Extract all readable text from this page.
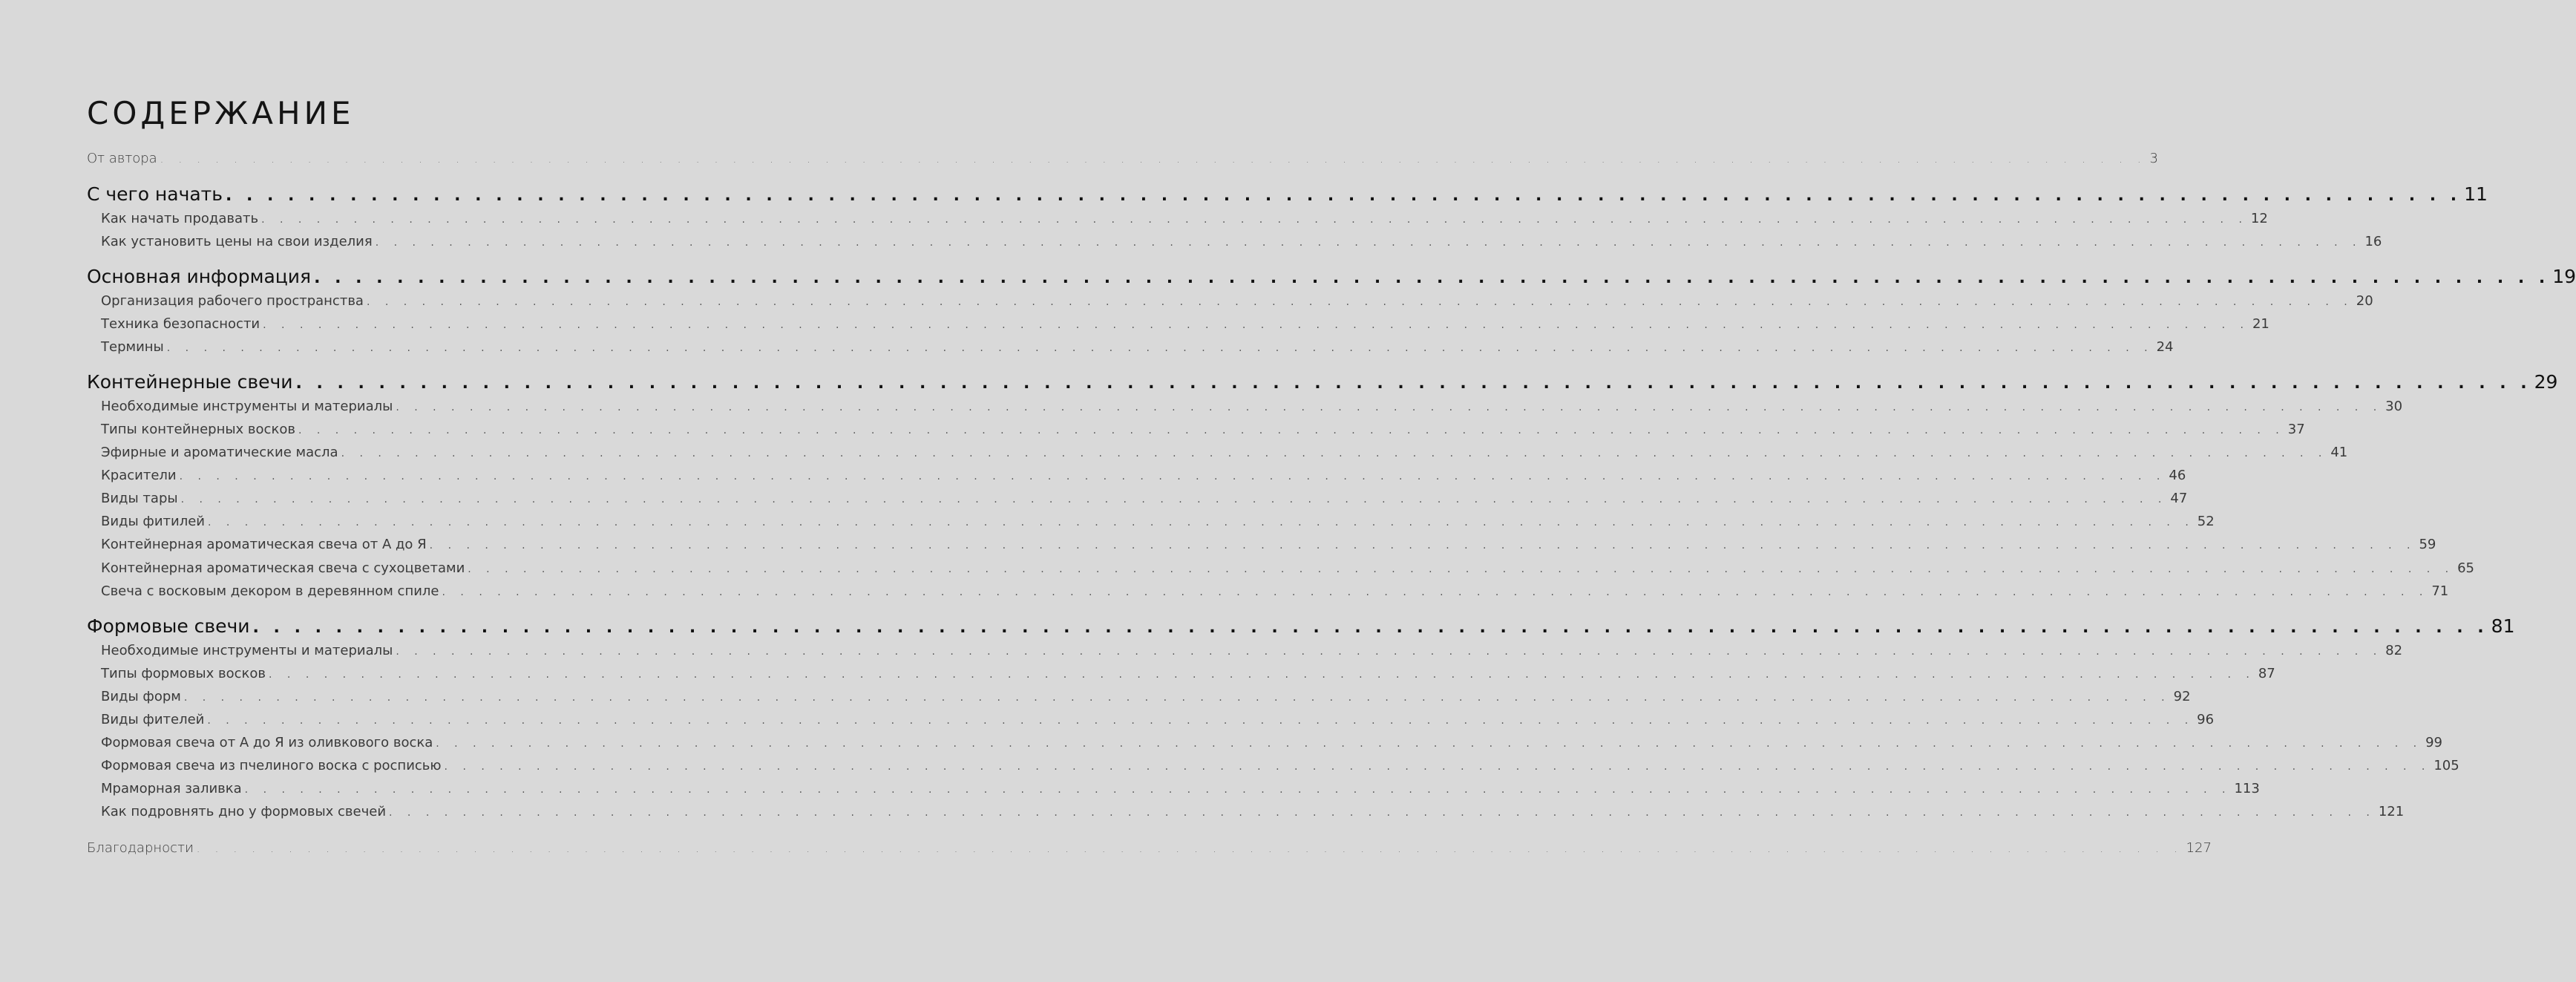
СОДЕРЖАНИЕ
От автора . . . . . . . . . . . . . . . . . . . . . . . . . . . . . . . . . . . . . . . . . . . . . . . . . . . . . . . . . . . . . . . . . . . . . . . . . . . . . . . . . . . . . . . . . . . . . . . . . . . . . . . . . . . . 3
С чего начать . . . . . . . . . . . . . . . . . . . . . . . . . . . . . . . . . . . . . . . . . . . . . . . . . . . . . . . . . . . . . . . . . . . . . . . . . . . . . . . . . . . . . . . . . . . . . . . . . . . . . . . . . . . . 11
Как начать продавать . . . . . . . . . . . . . . . . . . . . . . . . . . . . . . . . . . . . . . . . . . . . . . . . . . . . . . . . . . . . . . . . . . . . . . . . . . . . . . . . . . . . . . . . . . . . . . . . . . . . . . . . . . . . 12
Как установить цены на свои изделия . . . . . . . . . . . . . . . . . . . . . . . . . . . . . . . . . . . . . . . . . . . . . . . . . . . . . . . . . . . . . . . . . . . . . . . . . . . . . . . . . . . . . . . . . . . . . . . . . . . . . . . . . . . . 16
Основная информация . . . . . . . . . . . . . . . . . . . . . . . . . . . . . . . . . . . . . . . . . . . . . . . . . . . . . . . . . . . . . . . . . . . . . . . . . . . . . . . . . . . . . . . . . . . . . . . . . . . . . . . . . . . . 19
Организация рабочего пространства . . . . . . . . . . . . . . . . . . . . . . . . . . . . . . . . . . . . . . . . . . . . . . . . . . . . . . . . . . . . . . . . . . . . . . . . . . . . . . . . . . . . . . . . . . . . . . . . . . . . . . . . . . . . 20
Техника безопасности . . . . . . . . . . . . . . . . . . . . . . . . . . . . . . . . . . . . . . . . . . . . . . . . . . . . . . . . . . . . . . . . . . . . . . . . . . . . . . . . . . . . . . . . . . . . . . . . . . . . . . . . . . . . 21
Термины . . . . . . . . . . . . . . . . . . . . . . . . . . . . . . . . . . . . . . . . . . . . . . . . . . . . . . . . . . . . . . . . . . . . . . . . . . . . . . . . . . . . . . . . . . . . . . . . . . . . . . . . . . . . 24
Контейнерные свечи . . . . . . . . . . . . . . . . . . . . . . . . . . . . . . . . . . . . . . . . . . . . . . . . . . . . . . . . . . . . . . . . . . . . . . . . . . . . . . . . . . . . . . . . . . . . . . . . . . . . . . . . . . . . 29
Необходимые инструменты и материалы . . . . . . . . . . . . . . . . . . . . . . . . . . . . . . . . . . . . . . . . . . . . . . . . . . . . . . . . . . . . . . . . . . . . . . . . . . . . . . . . . . . . . . . . . . . . . . . . . . . . . . . . . . . . 30
Типы контейнерных восков . . . . . . . . . . . . . . . . . . . . . . . . . . . . . . . . . . . . . . . . . . . . . . . . . . . . . . . . . . . . . . . . . . . . . . . . . . . . . . . . . . . . . . . . . . . . . . . . . . . . . . . . . . . . 37
Эфирные и ароматические масла . . . . . . . . . . . . . . . . . . . . . . . . . . . . . . . . . . . . . . . . . . . . . . . . . . . . . . . . . . . . . . . . . . . . . . . . . . . . . . . . . . . . . . . . . . . . . . . . . . . . . . . . . . . . 41
Красители . . . . . . . . . . . . . . . . . . . . . . . . . . . . . . . . . . . . . . . . . . . . . . . . . . . . . . . . . . . . . . . . . . . . . . . . . . . . . . . . . . . . . . . . . . . . . . . . . . . . . . . . . . . . 46
Виды тары . . . . . . . . . . . . . . . . . . . . . . . . . . . . . . . . . . . . . . . . . . . . . . . . . . . . . . . . . . . . . . . . . . . . . . . . . . . . . . . . . . . . . . . . . . . . . . . . . . . . . . . . . . . . 47
Виды фитилей . . . . . . . . . . . . . . . . . . . . . . . . . . . . . . . . . . . . . . . . . . . . . . . . . . . . . . . . . . . . . . . . . . . . . . . . . . . . . . . . . . . . . . . . . . . . . . . . . . . . . . . . . . . . 52
Контейнерная ароматическая свеча от А до Я . . . . . . . . . . . . . . . . . . . . . . . . . . . . . . . . . . . . . . . . . . . . . . . . . . . . . . . . . . . . . . . . . . . . . . . . . . . . . . . . . . . . . . . . . . . . . . . . . . . . . . . . . . . . 59
Контейнерная ароматическая свеча с сухоцветами . . . . . . . . . . . . . . . . . . . . . . . . . . . . . . . . . . . . . . . . . . . . . . . . . . . . . . . . . . . . . . . . . . . . . . . . . . . . . . . . . . . . . . . . . . . . . . . . . . . . . . . . . . . . 65
Свеча с восковым декором в деревянном спиле . . . . . . . . . . . . . . . . . . . . . . . . . . . . . . . . . . . . . . . . . . . . . . . . . . . . . . . . . . . . . . . . . . . . . . . . . . . . . . . . . . . . . . . . . . . . . . . . . . . . . . . . . . . . 71
Формовые свечи . . . . . . . . . . . . . . . . . . . . . . . . . . . . . . . . . . . . . . . . . . . . . . . . . . . . . . . . . . . . . . . . . . . . . . . . . . . . . . . . . . . . . . . . . . . . . . . . . . . . . . . . . . . . 81
Необходимые инструменты и материалы . . . . . . . . . . . . . . . . . . . . . . . . . . . . . . . . . . . . . . . . . . . . . . . . . . . . . . . . . . . . . . . . . . . . . . . . . . . . . . . . . . . . . . . . . . . . . . . . . . . . . . . . . . . . 82
Типы формовых восков . . . . . . . . . . . . . . . . . . . . . . . . . . . . . . . . . . . . . . . . . . . . . . . . . . . . . . . . . . . . . . . . . . . . . . . . . . . . . . . . . . . . . . . . . . . . . . . . . . . . . . . . . . . . 87
Виды форм . . . . . . . . . . . . . . . . . . . . . . . . . . . . . . . . . . . . . . . . . . . . . . . . . . . . . . . . . . . . . . . . . . . . . . . . . . . . . . . . . . . . . . . . . . . . . . . . . . . . . . . . . . . . 92
Виды фителей . . . . . . . . . . . . . . . . . . . . . . . . . . . . . . . . . . . . . . . . . . . . . . . . . . . . . . . . . . . . . . . . . . . . . . . . . . . . . . . . . . . . . . . . . . . . . . . . . . . . . . . . . . . . 96
Формовая свеча от А до Я из оливкового воска . . . . . . . . . . . . . . . . . . . . . . . . . . . . . . . . . . . . . . . . . . . . . . . . . . . . . . . . . . . . . . . . . . . . . . . . . . . . . . . . . . . . . . . . . . . . . . . . . . . . . . . . . . . . 99
Формовая свеча из пчелиного воска с росписью . . . . . . . . . . . . . . . . . . . . . . . . . . . . . . . . . . . . . . . . . . . . . . . . . . . . . . . . . . . . . . . . . . . . . . . . . . . . . . . . . . . . . . . . . . . . . . . . . . . . . . . . . . . . 105
Мраморная заливка . . . . . . . . . . . . . . . . . . . . . . . . . . . . . . . . . . . . . . . . . . . . . . . . . . . . . . . . . . . . . . . . . . . . . . . . . . . . . . . . . . . . . . . . . . . . . . . . . . . . . . . . . . . . 113
Как подровнять дно у формовых свечей . . . . . . . . . . . . . . . . . . . . . . . . . . . . . . . . . . . . . . . . . . . . . . . . . . . . . . . . . . . . . . . . . . . . . . . . . . . . . . . . . . . . . . . . . . . . . . . . . . . . . . . . . . . . 121
Благодарности . . . . . . . . . . . . . . . . . . . . . . . . . . . . . . . . . . . . . . . . . . . . . . . . . . . . . . . . . . . . . . . . . . . . . . . . . . . . . . . . . . . . . . . . . . . . . . . . . . . . . . . . . . . . 127
